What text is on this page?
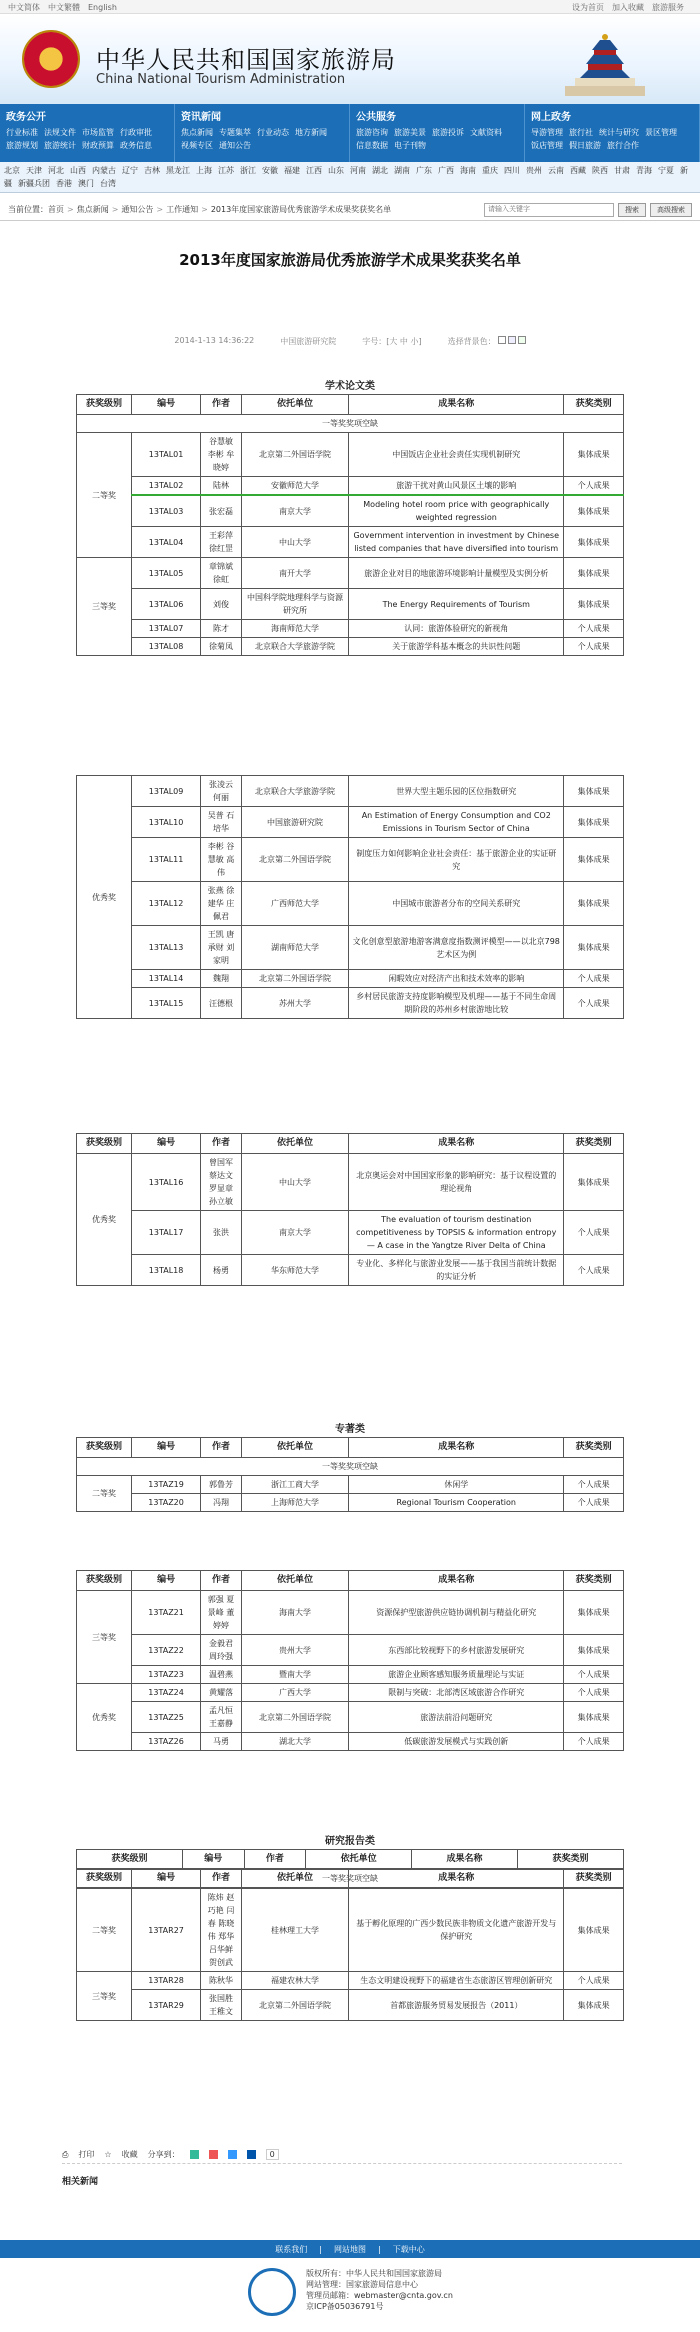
中文简体 中文繁體 English	设为首页 加入收藏 旅游服务
中华人民共和国国家旅游局
China National Tourism Administration
政务公开
行业标准 法规文件 市场监管 行政审批
旅游规划 旅游统计 财政预算 政务信息
资讯新闻
焦点新闻 专题集萃 行业动态 地方新闻
视频专区 通知公告
公共服务
旅游咨询 旅游美景 旅游投诉 文献资料
信息数据 电子刊物
网上政务
导游管理 旅行社 统计与研究 景区管理
饭店管理 假日旅游 旅行合作
北京 天津 河北 山西 内蒙古 辽宁 吉林 黑龙江 上海 江苏 浙江 安徽 福建 江西 山东 河南 湖北 湖南 广东 广西 海南 重庆 四川 贵州 云南 西藏 陕西 甘肃 青海 宁夏 新疆 新疆兵团 香港 澳门 台湾
当前位置： 首页 > 焦点新闻 > 通知公告 > 工作通知 > 2013年度国家旅游局优秀旅游学术成果奖获奖名单
请输入关键字	搜索	高级搜索
2013年度国家旅游局优秀旅游学术成果奖获奖名单
2014-1-13 14:36:22	中国旅游研究院	字号：[大 中 小]	选择背景色：
学术论文类
获奖级别	编号	作者	依托单位	成果名称	获奖类别
一等奖奖项空缺					
二等奖	13TAL01	谷慧敏 李彬 牟晓婷	北京第二外国语学院	中国饭店企业社会责任实现机制研究	集体成果
	13TAL02	陆林	安徽师范大学	旅游干扰对黄山风景区土壤的影响	个人成果
	13TAL03	张宏磊	南京大学	Modeling hotel room price with geographically weighted regression	集体成果
	13TAL04	王彩萍 徐红罡	中山大学	Government intervention in investment by Chinese listed companies that have diversified into tourism	集体成果
三等奖	13TAL05	章锦斌 徐虹	南开大学	旅游企业对目的地旅游环境影响计量模型及实例分析	集体成果
	13TAL06	刘俊	中国科学院地理科学与资源研究所	The Energy Requirements of Tourism	集体成果
	13TAL07	陈才	海南师范大学	认同：旅游体验研究的新视角	个人成果
	13TAL08	徐菊凤	北京联合大学旅游学院	关于旅游学科基本概念的共识性问题	个人成果
优秀奖	13TAL09	张凌云 何丽	北京联合大学旅游学院	世界大型主题乐园的区位指数研究	集体成果
	13TAL10	吴普 石培华	中国旅游研究院	An Estimation of Energy Consumption and CO2 Emissions in Tourism Sector of China	集体成果
	13TAL11	李彬 谷慧敏 高伟	北京第二外国语学院	制度压力如何影响企业社会责任：基于旅游企业的实证研究	集体成果
	13TAL12	张燕 徐建华 庄佩君	广西师范大学	中国城市旅游者分布的空间关系研究	集体成果
	13TAL13	王凯 唐承财 刘家明	湖南师范大学	文化创意型旅游地游客满意度指数测评模型——以北京798艺术区为例	集体成果
	13TAL14	魏翔	北京第二外国语学院	闲暇效应对经济产出和技术效率的影响	个人成果
	13TAL15	汪德根	苏州大学	乡村居民旅游支持度影响模型及机理——基于不同生命周期阶段的苏州乡村旅游地比较	个人成果
获奖级别	编号	作者	依托单位	成果名称	获奖类别
优秀奖	13TAL16	曾国军 蔡达文 罗显章 孙立敏	中山大学	北京奥运会对中国国家形象的影响研究：基于议程设置的理论视角	集体成果
	13TAL17	张洪	南京大学	The evaluation of tourism destination competitiveness by TOPSIS & information entropy — A case in the Yangtze River Delta of China	个人成果
	13TAL18	杨勇	华东师范大学	专业化、多样化与旅游业发展——基于我国当前统计数据的实证分析	个人成果
专著类
获奖级别	编号	作者	依托单位	成果名称	获奖类别
一等奖奖项空缺					
二等奖	13TAZ19	郭鲁芳	浙江工商大学	休闲学	个人成果
	13TAZ20	冯翔	上海师范大学	Regional Tourism Cooperation	个人成果
获奖级别	编号	作者	依托单位	成果名称	获奖类别
三等奖	13TAZ21	郭强 夏景峰 董婷婷	海南大学	资源保护型旅游供应链协调机制与精益化研究	集体成果
	13TAZ22	金毅君 周玲强	贵州大学	东西部比较视野下的乡村旅游发展研究	集体成果
	13TAZ23	温碧燕	暨南大学	旅游企业顾客感知服务质量理论与实证	个人成果
优秀奖	13TAZ24	黄耀落	广西大学	限制与突破：北部湾区域旅游合作研究	个人成果
	13TAZ25	孟凡恒 王嘉静	北京第二外国语学院	旅游法前沿问题研究	集体成果
	13TAZ26	马勇	湖北大学	低碳旅游发展模式与实践创新	个人成果
研究报告类
获奖级别	编号	作者	依托单位	成果名称	获奖类别
一等奖奖项空缺
获奖级别	编号	作者	依托单位	成果名称	获奖类别
二等奖	13TAR27	陈炜 赵巧艳 闫春 陈晓伟 郑华 吕华鲜 贺创武	桂林理工大学	基于孵化原理的广西少数民族非物质文化遗产旅游开发与保护研究	集体成果
三等奖	13TAR28	陈秋华	福建农林大学	生态文明建设视野下的福建省生态旅游区管理创新研究	个人成果
	13TAR29	张国胜 王稚文	北京第二外国语学院	首都旅游服务贸易发展报告（2011）	集体成果
⎙ 打印 ☆ 收藏 分享到：	0
相关新闻
联系我们 | 网站地图 | 下载中心
版权所有：中华人民共和国国家旅游局
网站管理：国家旅游局信息中心
管理员邮箱：webmaster@cnta.gov.cn
京ICP备05036791号
